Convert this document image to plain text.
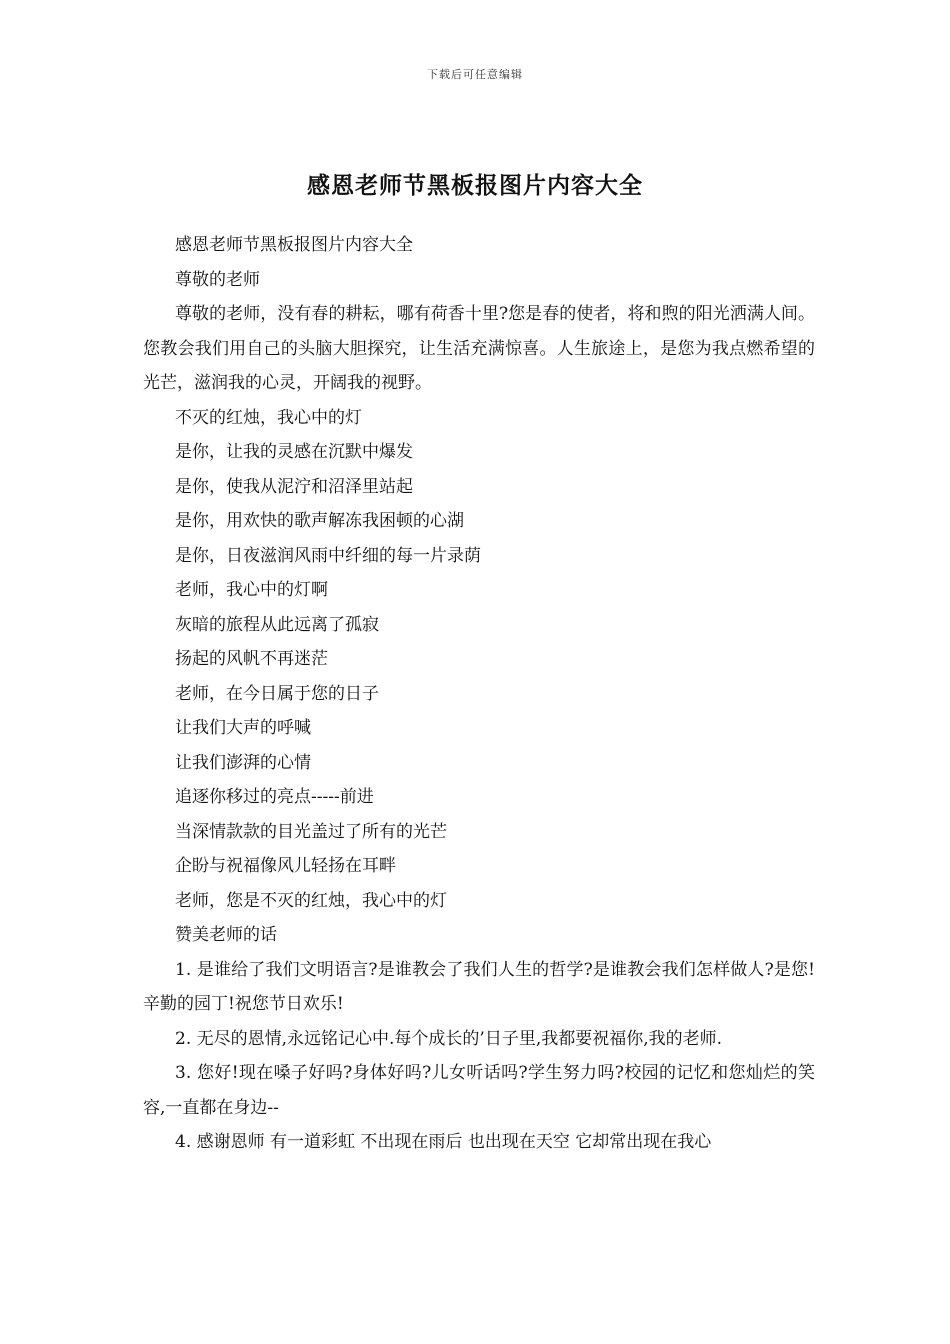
下载后可任意编辑
感恩老师节黑板报图片内容大全

感恩老师节黑板报图片内容大全

尊敬的老师

尊敬的老师，没有春的耕耘，哪有荷香十里?您是春的使者，将和煦的阳光洒满人间。您教会我们用自己的头脑大胆探究，让生活充满惊喜。人生旅途上，是您为我点燃希望的光芒，滋润我的心灵，开阔我的视野。

不灭的红烛，我心中的灯

是你，让我的灵感在沉默中爆发

是你，使我从泥泞和沼泽里站起

是你，用欢快的歌声解冻我困顿的心湖

是你，日夜滋润风雨中纤细的每一片录荫

老师，我心中的灯啊

灰暗的旅程从此远离了孤寂

扬起的风帆不再迷茫

老师，在今日属于您的日子

让我们大声的呼喊

让我们澎湃的心情

追逐你移过的亮点-----前进

当深情款款的目光盖过了所有的光芒

企盼与祝福像风儿轻扬在耳畔

老师，您是不灭的红烛，我心中的灯

赞美老师的话

1. 是谁给了我们文明语言?是谁教会了我们人生的哲学?是谁教会我们怎样做人?是您!辛勤的园丁!祝您节日欢乐!

2. 无尽的恩情,永远铭记心中.每个成长的’日子里,我都要祝福你,我的老师.

3. 您好!现在嗓子好吗?身体好吗?儿女听话吗?学生努力吗?校园的记忆和您灿烂的笑容,一直都在身边--

4. 感谢恩师 有一道彩虹 不出现在雨后 也出现在天空 它却常出现在我心
